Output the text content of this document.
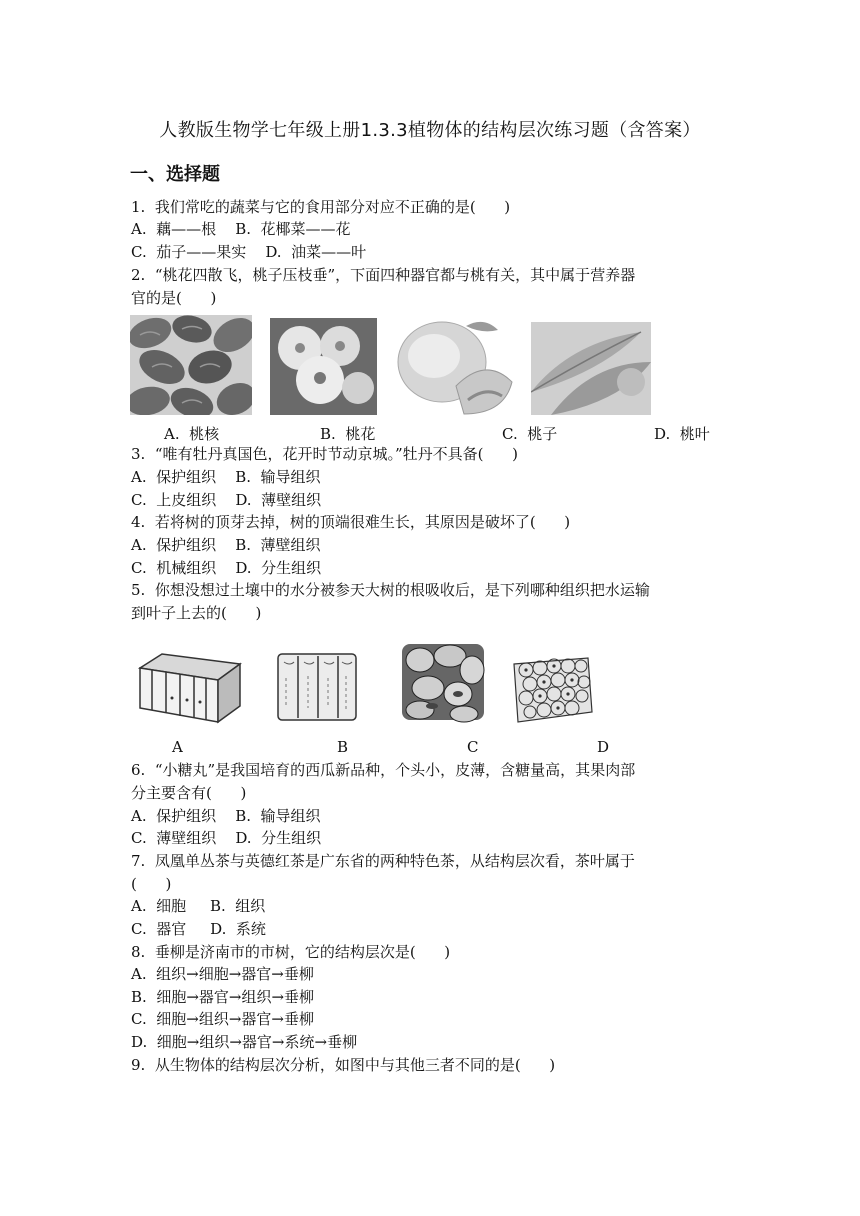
人教版生物学七年级上册1.3.3植物体的结构层次练习题（含答案）
一、选择题
1.  我们常吃的蔬菜与它的食用部分对应不正确的是(      )
A.  藕——根    B.  花椰菜——花
C.  茄子——果实    D.  油菜——叶
2.  “桃花四散飞，桃子压枝垂”，下面四种器官都与桃有关，其中属于营养器
官的是(      )
A.  桃核	B.  桃花	C.  桃子	D.  桃叶
3.  “唯有牡丹真国色，花开时节动京城。”牡丹不具备(      )
A.  保护组织    B.  输导组织
C.  上皮组织    D.  薄壁组织
4.  若将树的顶芽去掉，树的顶端很难生长，其原因是破坏了(      )
A.  保护组织    B.  薄壁组织
C.  机械组织    D.  分生组织
5.  你想没想过土壤中的水分被参天大树的根吸收后，是下列哪种组织把水运输
到叶子上去的(      )
A	B	C	D
6.  “小糖丸”是我国培育的西瓜新品种，个头小，皮薄，含糖量高，其果肉部
分主要含有(      )
A.  保护组织    B.  输导组织
C.  薄壁组织    D.  分生组织
7.  凤凰单丛茶与英德红茶是广东省的两种特色茶，从结构层次看，茶叶属于
(      )
A.  细胞     B.  组织
C.  器官     D.  系统
8.  垂柳是济南市的市树，它的结构层次是(      )
A.  组织→细胞→器官→垂柳
B.  细胞→器官→组织→垂柳
C.  细胞→组织→器官→垂柳
D.  细胞→组织→器官→系统→垂柳
9.  从生物体的结构层次分析，如图中与其他三者不同的是(      )
